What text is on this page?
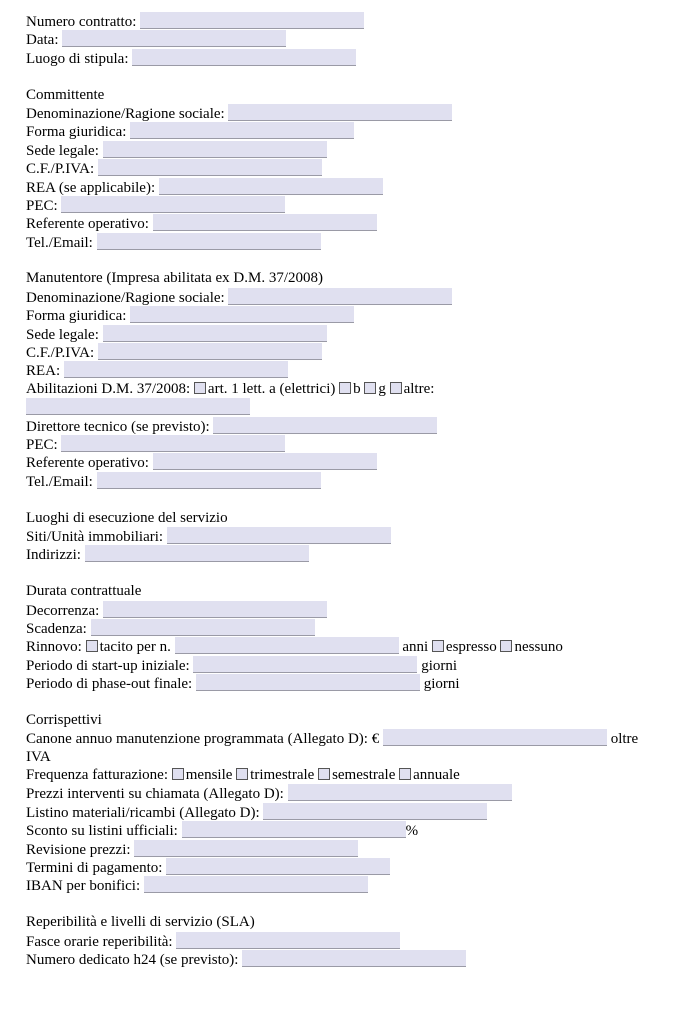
Numero contratto:
Data:
Luogo di stipula:
Committente
Denominazione/Ragione sociale:
Forma giuridica:
Sede legale:
C.F./P.IVA:
REA (se applicabile):
PEC:
Referente operativo:
Tel./Email:
Manutentore (Impresa abilitata ex D.M. 37/2008)
Denominazione/Ragione sociale:
Forma giuridica:
Sede legale:
C.F./P.IVA:
REA:
Abilitazioni D.M. 37/2008: art. 1 lett. a (elettrici) b g altre:
Direttore tecnico (se previsto):
PEC:
Referente operativo:
Tel./Email:
Luoghi di esecuzione del servizio
Siti/Unità immobiliari:
Indirizzi:
Durata contrattuale
Decorrenza:
Scadenza:
Rinnovo: tacito per n.	anni espresso nessuno
Periodo di start-up iniziale:	giorni
Periodo di phase-out finale:	giorni
Corrispettivi
Canone annuo manutenzione programmata (Allegato D): €	oltre
IVA
Frequenza fatturazione: mensile trimestrale semestrale annuale
Prezzi interventi su chiamata (Allegato D):
Listino materiali/ricambi (Allegato D):
Sconto su listini ufficiali:	%
Revisione prezzi:
Termini di pagamento:
IBAN per bonifici:
Reperibilità e livelli di servizio (SLA)
Fasce orarie reperibilità:
Numero dedicato h24 (se previsto):
